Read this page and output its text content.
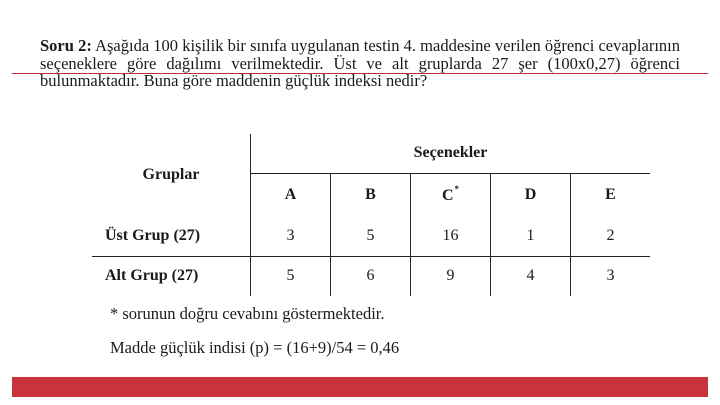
Soru 2: Aşağıda 100 kişilik bir sınıfa uygulanan testin 4. maddesine verilen öğrenci cevaplarının seçeneklere göre dağılımı verilmektedir. Üst ve alt gruplarda 27 şer (100x0,27) öğrenci bulunmaktadır. Buna göre maddenin güçlük indeksi nedir?
Gruplar	Seçenekler				
	A	B	C*	D	E
Üst Grup (27)	3	5	16	1	2
Alt Grup (27)	5	6	9	4	3
* sorunun doğru cevabını göstermektedir.
Madde güçlük indisi (p) = (16+9)/54 = 0,46
